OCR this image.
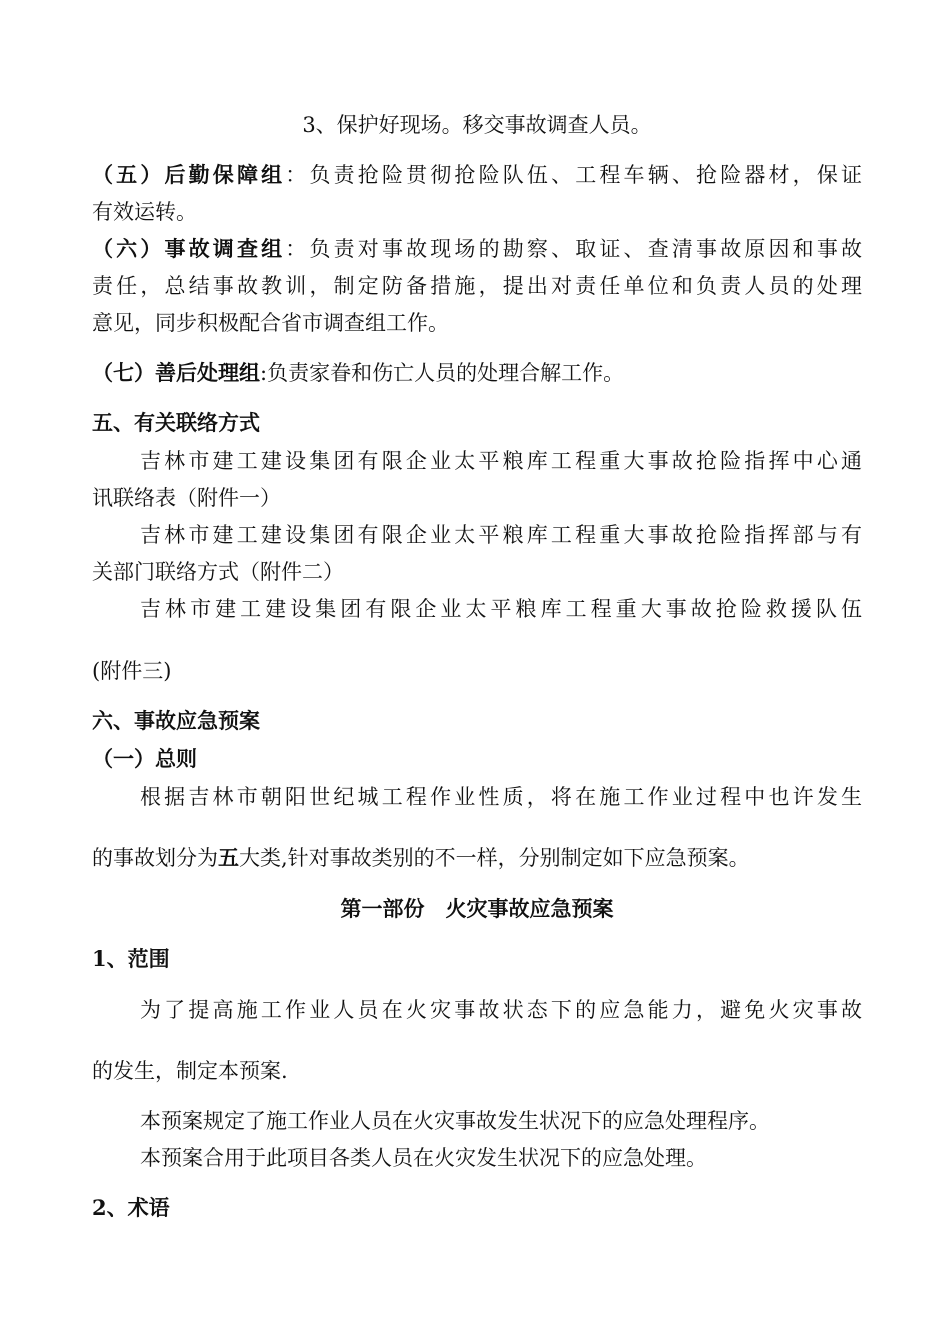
3、保护好现场。移交事故调查人员。
（五）后勤保障组：负责抢险贯彻抢险队伍、工程车辆、抢险器材，保证
有效运转。
（六）事故调查组：负责对事故现场的勘察、取证、查清事故原因和事故
责任，总结事故教训，制定防备措施，提出对责任单位和负责人员的处理
意见，同步积极配合省市调查组工作。
（七）善后处理组:负责家眷和伤亡人员的处理合解工作。
五、有关联络方式
吉林市建工建设集团有限企业太平粮库工程重大事故抢险指挥中心通
讯联络表（附件一）
吉林市建工建设集团有限企业太平粮库工程重大事故抢险指挥部与有
关部门联络方式（附件二）
吉林市建工建设集团有限企业太平粮库工程重大事故抢险救援队伍
(附件三)
六、事故应急预案
（一）总则
根据吉林市朝阳世纪城工程作业性质，将在施工作业过程中也许发生
的事故划分为五大类,针对事故类别的不一样，分别制定如下应急预案。
第一部份　火灾事故应急预案
1、范围
为了提高施工作业人员在火灾事故状态下的应急能力，避免火灾事故
的发生，制定本预案.
本预案规定了施工作业人员在火灾事故发生状况下的应急处理程序。
本预案合用于此项目各类人员在火灾发生状况下的应急处理。
2、术语
